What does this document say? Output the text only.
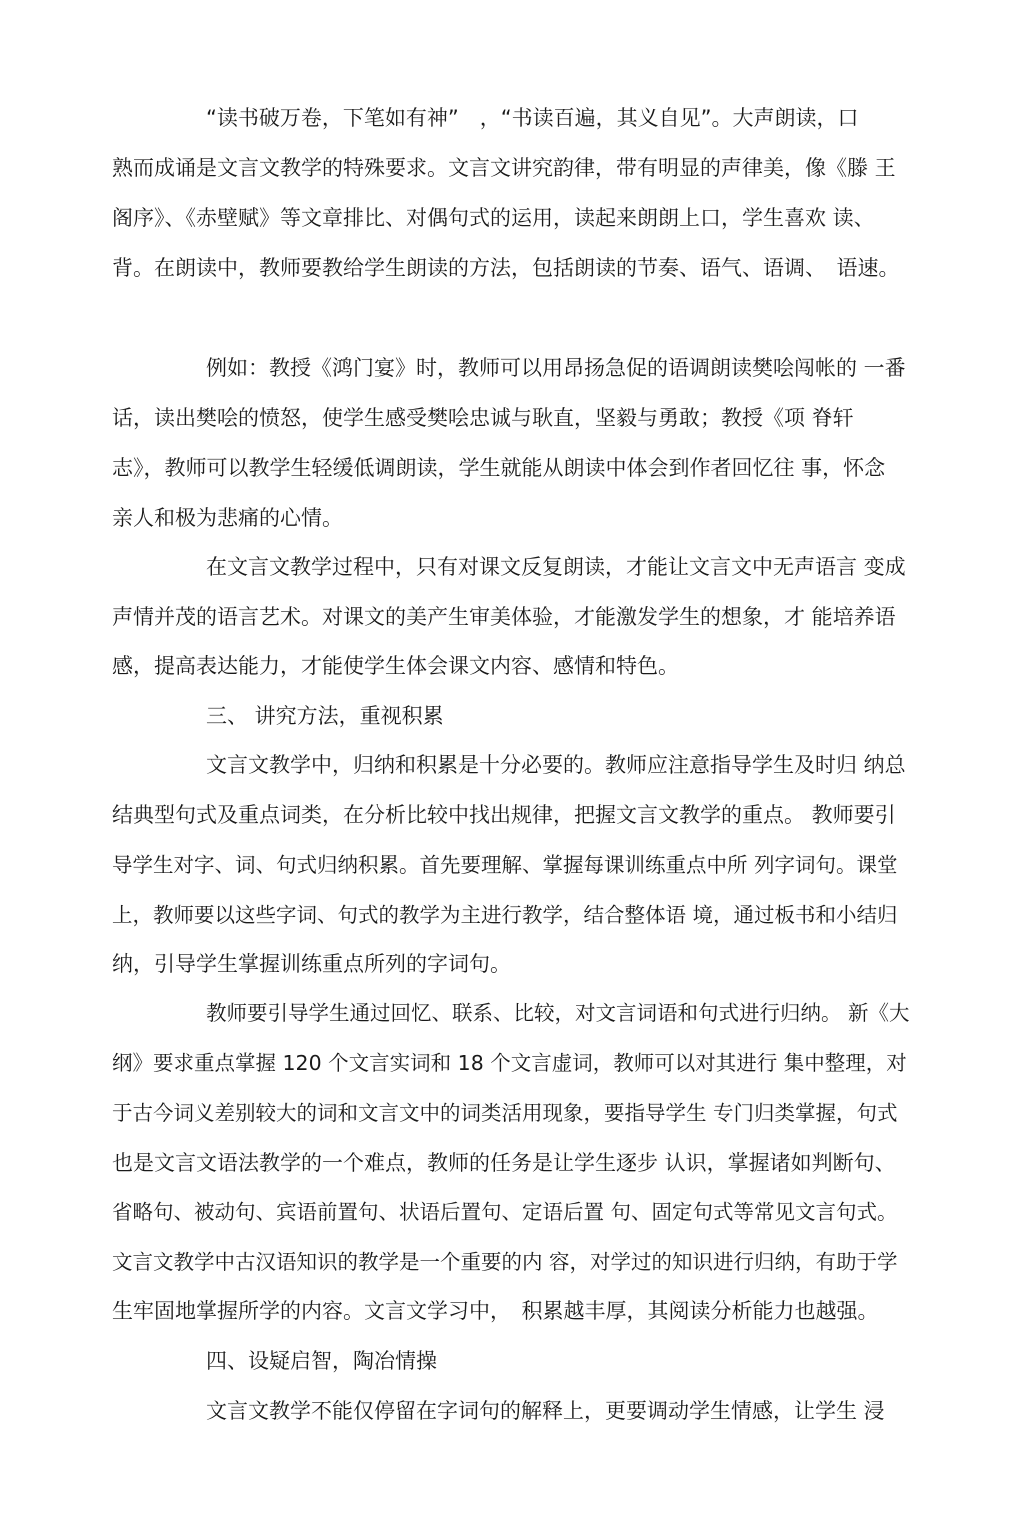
“读书破万卷，下笔如有神”　，“书读百遍，其义自见”。大声朗读，口
熟而成诵是文言文教学的特殊要求。文言文讲究韵律，带有明显的声律美，像《滕 王
阁序》、《赤壁赋》等文章排比、对偶句式的运用，读起来朗朗上口，学生喜欢 读、
背。在朗读中，教师要教给学生朗读的方法，包括朗读的节奏、语气、语调、　语速。
例如：教授《鸿门宴》时，教师可以用昂扬急促的语调朗读樊哙闯帐的 一番
话，读出樊哙的愤怒，使学生感受樊哙忠诚与耿直，坚毅与勇敢；教授《项 脊轩
志》，教师可以教学生轻缓低调朗读，学生就能从朗读中体会到作者回忆往 事，怀念
亲人和极为悲痛的心情。
在文言文教学过程中，只有对课文反复朗读，才能让文言文中无声语言 变成
声情并茂的语言艺术。对课文的美产生审美体验，才能激发学生的想象，才 能培养语
感，提高表达能力，才能使学生体会课文内容、感情和特色。
三、 讲究方法，重视积累
文言文教学中，归纳和积累是十分必要的。教师应注意指导学生及时归 纳总
结典型句式及重点词类，在分析比较中找出规律，把握文言文教学的重点。 教师要引
导学生对字、词、句式归纳积累。首先要理解、掌握每课训练重点中所 列字词句。课堂
上，教师要以这些字词、句式的教学为主进行教学，结合整体语 境，通过板书和小结归
纳，引导学生掌握训练重点所列的字词句。
教师要引导学生通过回忆、联系、比较，对文言词语和句式进行归纳。 新《大
纲》要求重点掌握 120 个文言实词和 18 个文言虚词，教师可以对其进行 集中整理，对
于古今词义差别较大的词和文言文中的词类活用现象，要指导学生 专门归类掌握，句式
也是文言文语法教学的一个难点，教师的任务是让学生逐步 认识，掌握诸如判断句、
省略句、被动句、宾语前置句、状语后置句、定语后置 句、固定句式等常见文言句式。
文言文教学中古汉语知识的教学是一个重要的内 容，对学过的知识进行归纳，有助于学
生牢固地掌握所学的内容。文言文学习中，　积累越丰厚，其阅读分析能力也越强。
四、设疑启智，陶冶情操
文言文教学不能仅停留在字词句的解释上，更要调动学生情感，让学生 浸
